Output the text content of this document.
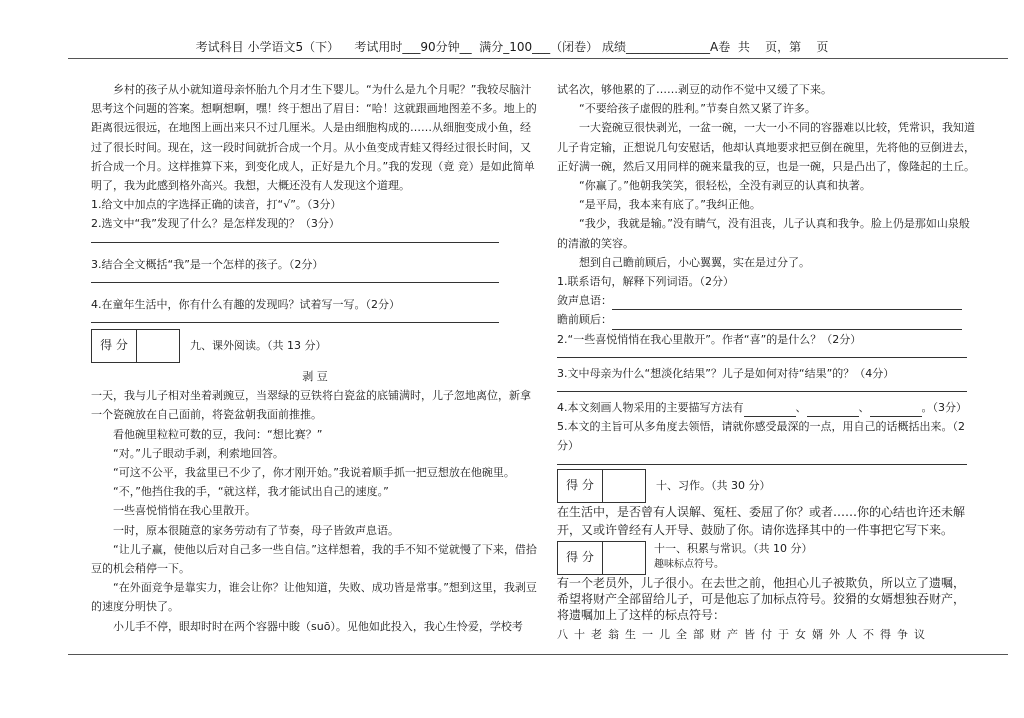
考试科目 小学语文5（下）    考试用时___90分钟__  满分_100___（闭卷） 成绩______________A卷  共    页，第    页

乡村的孩子从小就知道母亲怀胎九个月才生下婴儿。“为什么是九个月呢？”我较尽脑汁思考这个问题的答案。想啊想啊，嘿！终于想出了眉目：“哈！这就跟画地图差不多。地上的距离很远很远，在地图上画出来只不过几厘米。人是由细胞构成的……从细胞变成小鱼，经过了很长时间。现在，这一段时间就折合成一个月。从小鱼变成青蛙又得经过很长时间，又折合成一个月。这样推算下来，到变化成人，正好是九个月。”我的发现（竟 竞）是如此简单明了，我为此感到格外高兴。我想，大概还没有人发现这个道理。

1.给文中加点的字选择正确的读音，打“√”。（3分）

2.选文中“我”发现了什么？是怎样发现的？（3分）

3.结合全文概括“我”是一个怎样的孩子。（2分）

4.在童年生活中，你有什么有趣的发现吗？试着写一写。（2分）

得 分	九、课外阅读。（共 13 分）

剥 豆

一天，我与儿子相对坐着剥豌豆，当翠绿的豆铁将白瓷盆的底铺满时，儿子忽地离位，新拿一个瓷碗放在自己面前，将瓷盆朝我面前推推。

看他碗里粒粒可数的豆，我问：“想比赛？”

“对。”儿子眼动手剥，利索地回答。

“可这不公平，我盆里已不少了，你才刚开始。”我说着顺手抓一把豆想放在他碗里。

“不，”他挡住我的手，“就这样，我才能试出自己的速度。”

一些喜悦悄悄在我心里散开。

一时，原本很随意的家务劳动有了节奏，母子皆敛声息语。

“让儿子赢，使他以后对自己多一些自信。”这样想着，我的手不知不觉就慢了下来，借拾豆的机会稍停一下。

“在外面竞争是靠实力，谁会让你？让他知道，失败、成功皆是常事。”想到这里，我剥豆的速度分明快了。

小儿手不停，眼却时时在两个容器中睃（suō）。见他如此投入，我心生怜爱，学校考

试名次，够他累的了……剥豆的动作不觉中又缓了下来。

“不要给孩子虚假的胜利。”节奏自然又紧了许多。

一大瓷碗豆很快剥光，一盆一碗，一大一小不同的容器难以比较，凭常识，我知道儿子肯定输，正想说几句安慰话，他却认真地要求把豆倒在碗里，先将他的豆倒进去，正好满一碗，然后又用同样的碗来量我的豆，也是一碗，只是凸出了，像隆起的土丘。

“你赢了。”他朝我笑笑，很轻松，全没有剥豆的认真和执著。

“是平局，我本来有底了。”我纠正他。

“我少，我就是输。”没有睛气，没有沮丧，儿子认真和我争。脸上仍是那如山泉般的清澈的笑容。

想到自己瞻前顾后，小心翼翼，实在是过分了。

1.联系语句，解释下列词语。（2分）

敛声息语：

瞻前顾后：

2.“一些喜悦悄悄在我心里散开”。作者“喜”的是什么？（2分）

3.文中母亲为什么“想淡化结果”？儿子是如何对待“结果”的？（4分）

4.本文刻画人物采用的主要描写方法有	、	、	。（3分）

5.本文的主旨可从多角度去领悟，请就你感受最深的一点，用自己的话概括出来。（2分）

得 分	十、习作。（共 30 分）

在生活中，是否曾有人误解、冤枉、委屈了你？或者……你的心结也许还未解开，又或许曾经有人开导、鼓励了你。请你选择其中的一件事把它写下来。

得 分
十一、积累与常识。（共 10 分）
趣味标点符号。

有一个老员外，儿子很小。在去世之前，他担心儿子被欺负，所以立了遗嘱，希望将财产全部留给儿子，可是他忘了加标点符号。狡猾的女婿想独吞财产，将遗嘱加上了这样的标点符号：

八十老翁生一儿全部财产皆付于女婿外人不得争议
